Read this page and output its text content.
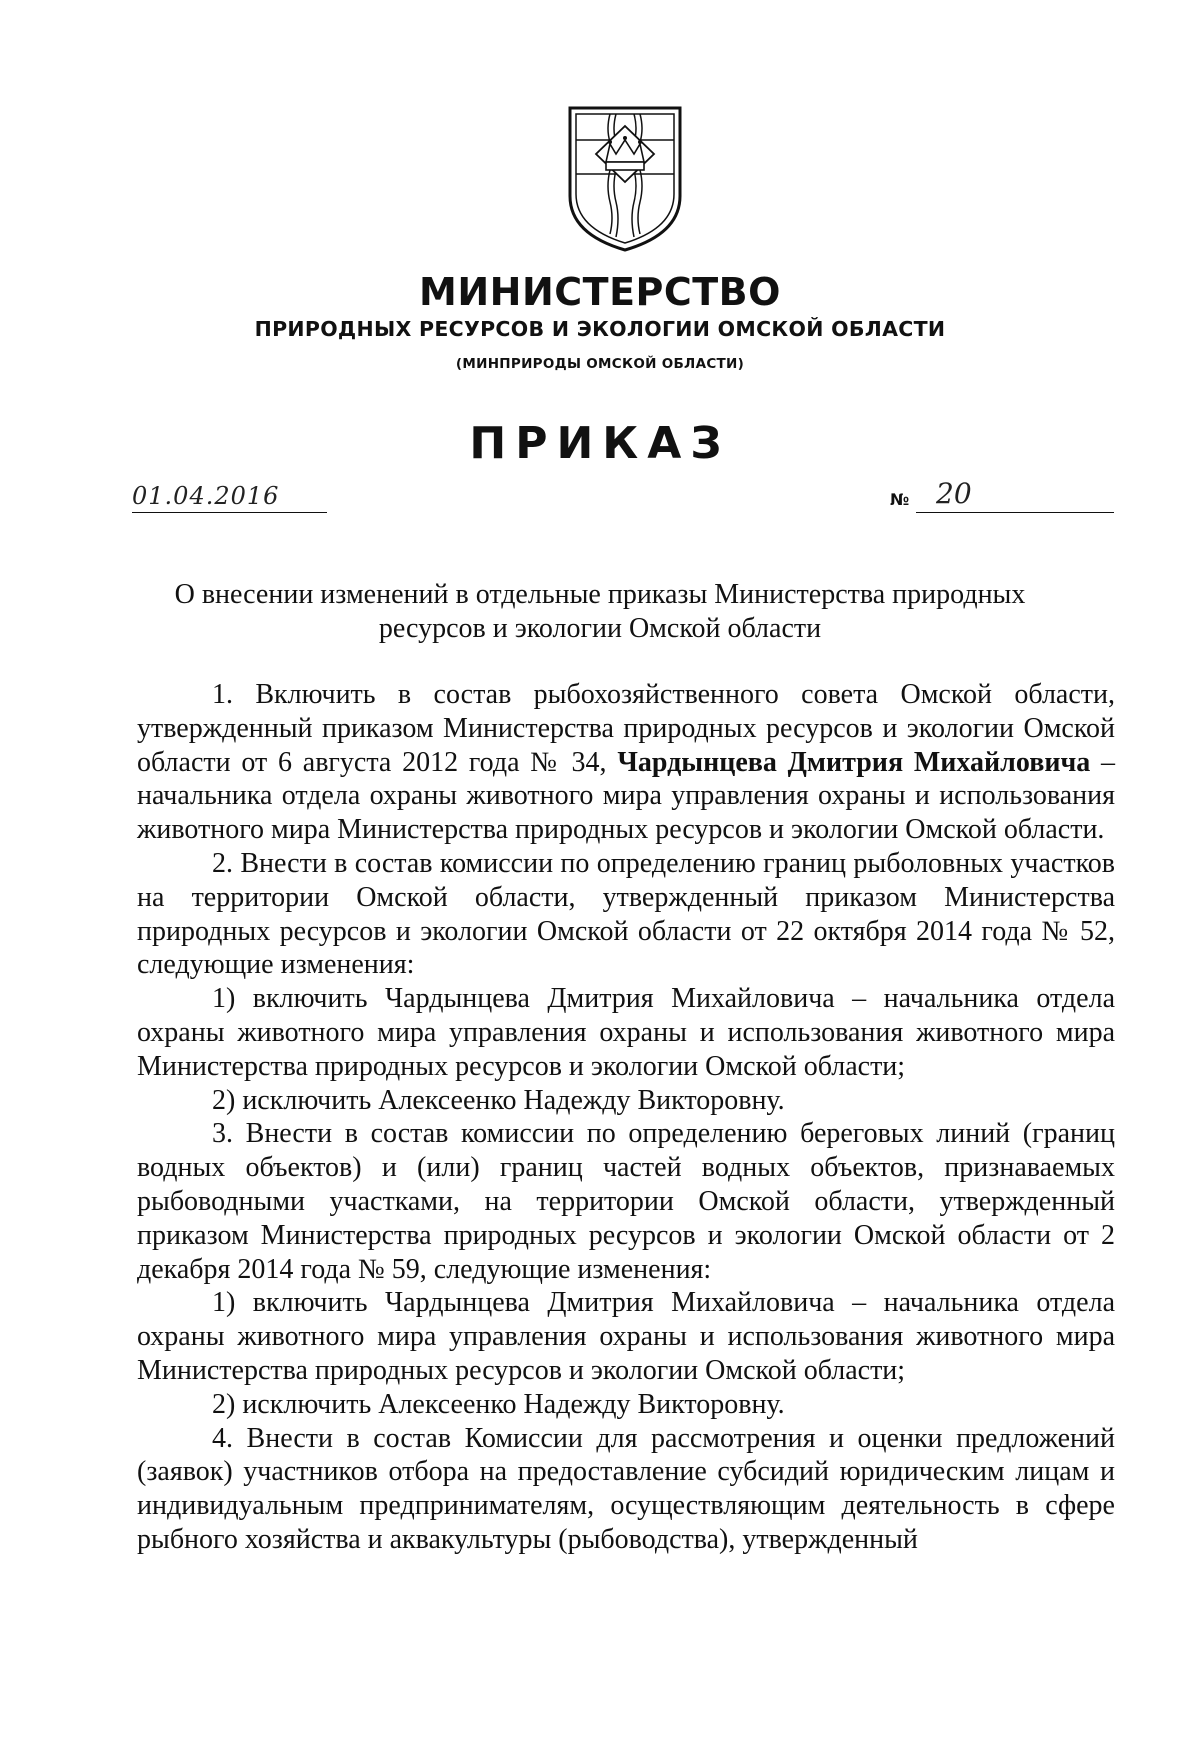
МИНИСТЕРСТВО
ПРИРОДНЫХ РЕСУРСОВ И ЭКОЛОГИИ ОМСКОЙ ОБЛАСТИ
(МИНПРИРОДЫ ОМСКОЙ ОБЛАСТИ)
ПРИКАЗ
01.04.2016	№ 20
О внесении изменений в отдельные приказы Министерства природных
ресурсов и экологии Омской области

1. Включить в состав рыбохозяйственного совета Омской области, утвержденный приказом Министерства природных ресурсов и экологии Омской области от 6 августа 2012 года № 34, Чардынцева Дмитрия Михайловича – начальника отдела охраны животного мира управления охраны и использования животного мира Министерства природных ресурсов и экологии Омской области.

2. Внести в состав комиссии по определению границ рыболовных участков на территории Омской области, утвержденный приказом Министерства природных ресурсов и экологии Омской области от 22 октября 2014 года № 52, следующие изменения:

1) включить Чардынцева Дмитрия Михайловича – начальника отдела охраны животного мира управления охраны и использования животного мира Министерства природных ресурсов и экологии Омской области;

2) исключить Алексеенко Надежду Викторовну.

3. Внести в состав комиссии по определению береговых линий (границ водных объектов) и (или) границ частей водных объектов, признаваемых рыбоводными участками, на территории Омской области, утвержденный приказом Министерства природных ресурсов и экологии Омской области от 2 декабря 2014 года № 59, следующие изменения:

1) включить Чардынцева Дмитрия Михайловича – начальника отдела охраны животного мира управления охраны и использования животного мира Министерства природных ресурсов и экологии Омской области;

2) исключить Алексеенко Надежду Викторовну.

4. Внести в состав Комиссии для рассмотрения и оценки предложений (заявок) участников отбора на предоставление субсидий юридическим лицам и индивидуальным предпринимателям, осуществляющим деятельность в сфере рыбного хозяйства и аквакультуры (рыбоводства), утвержденный
